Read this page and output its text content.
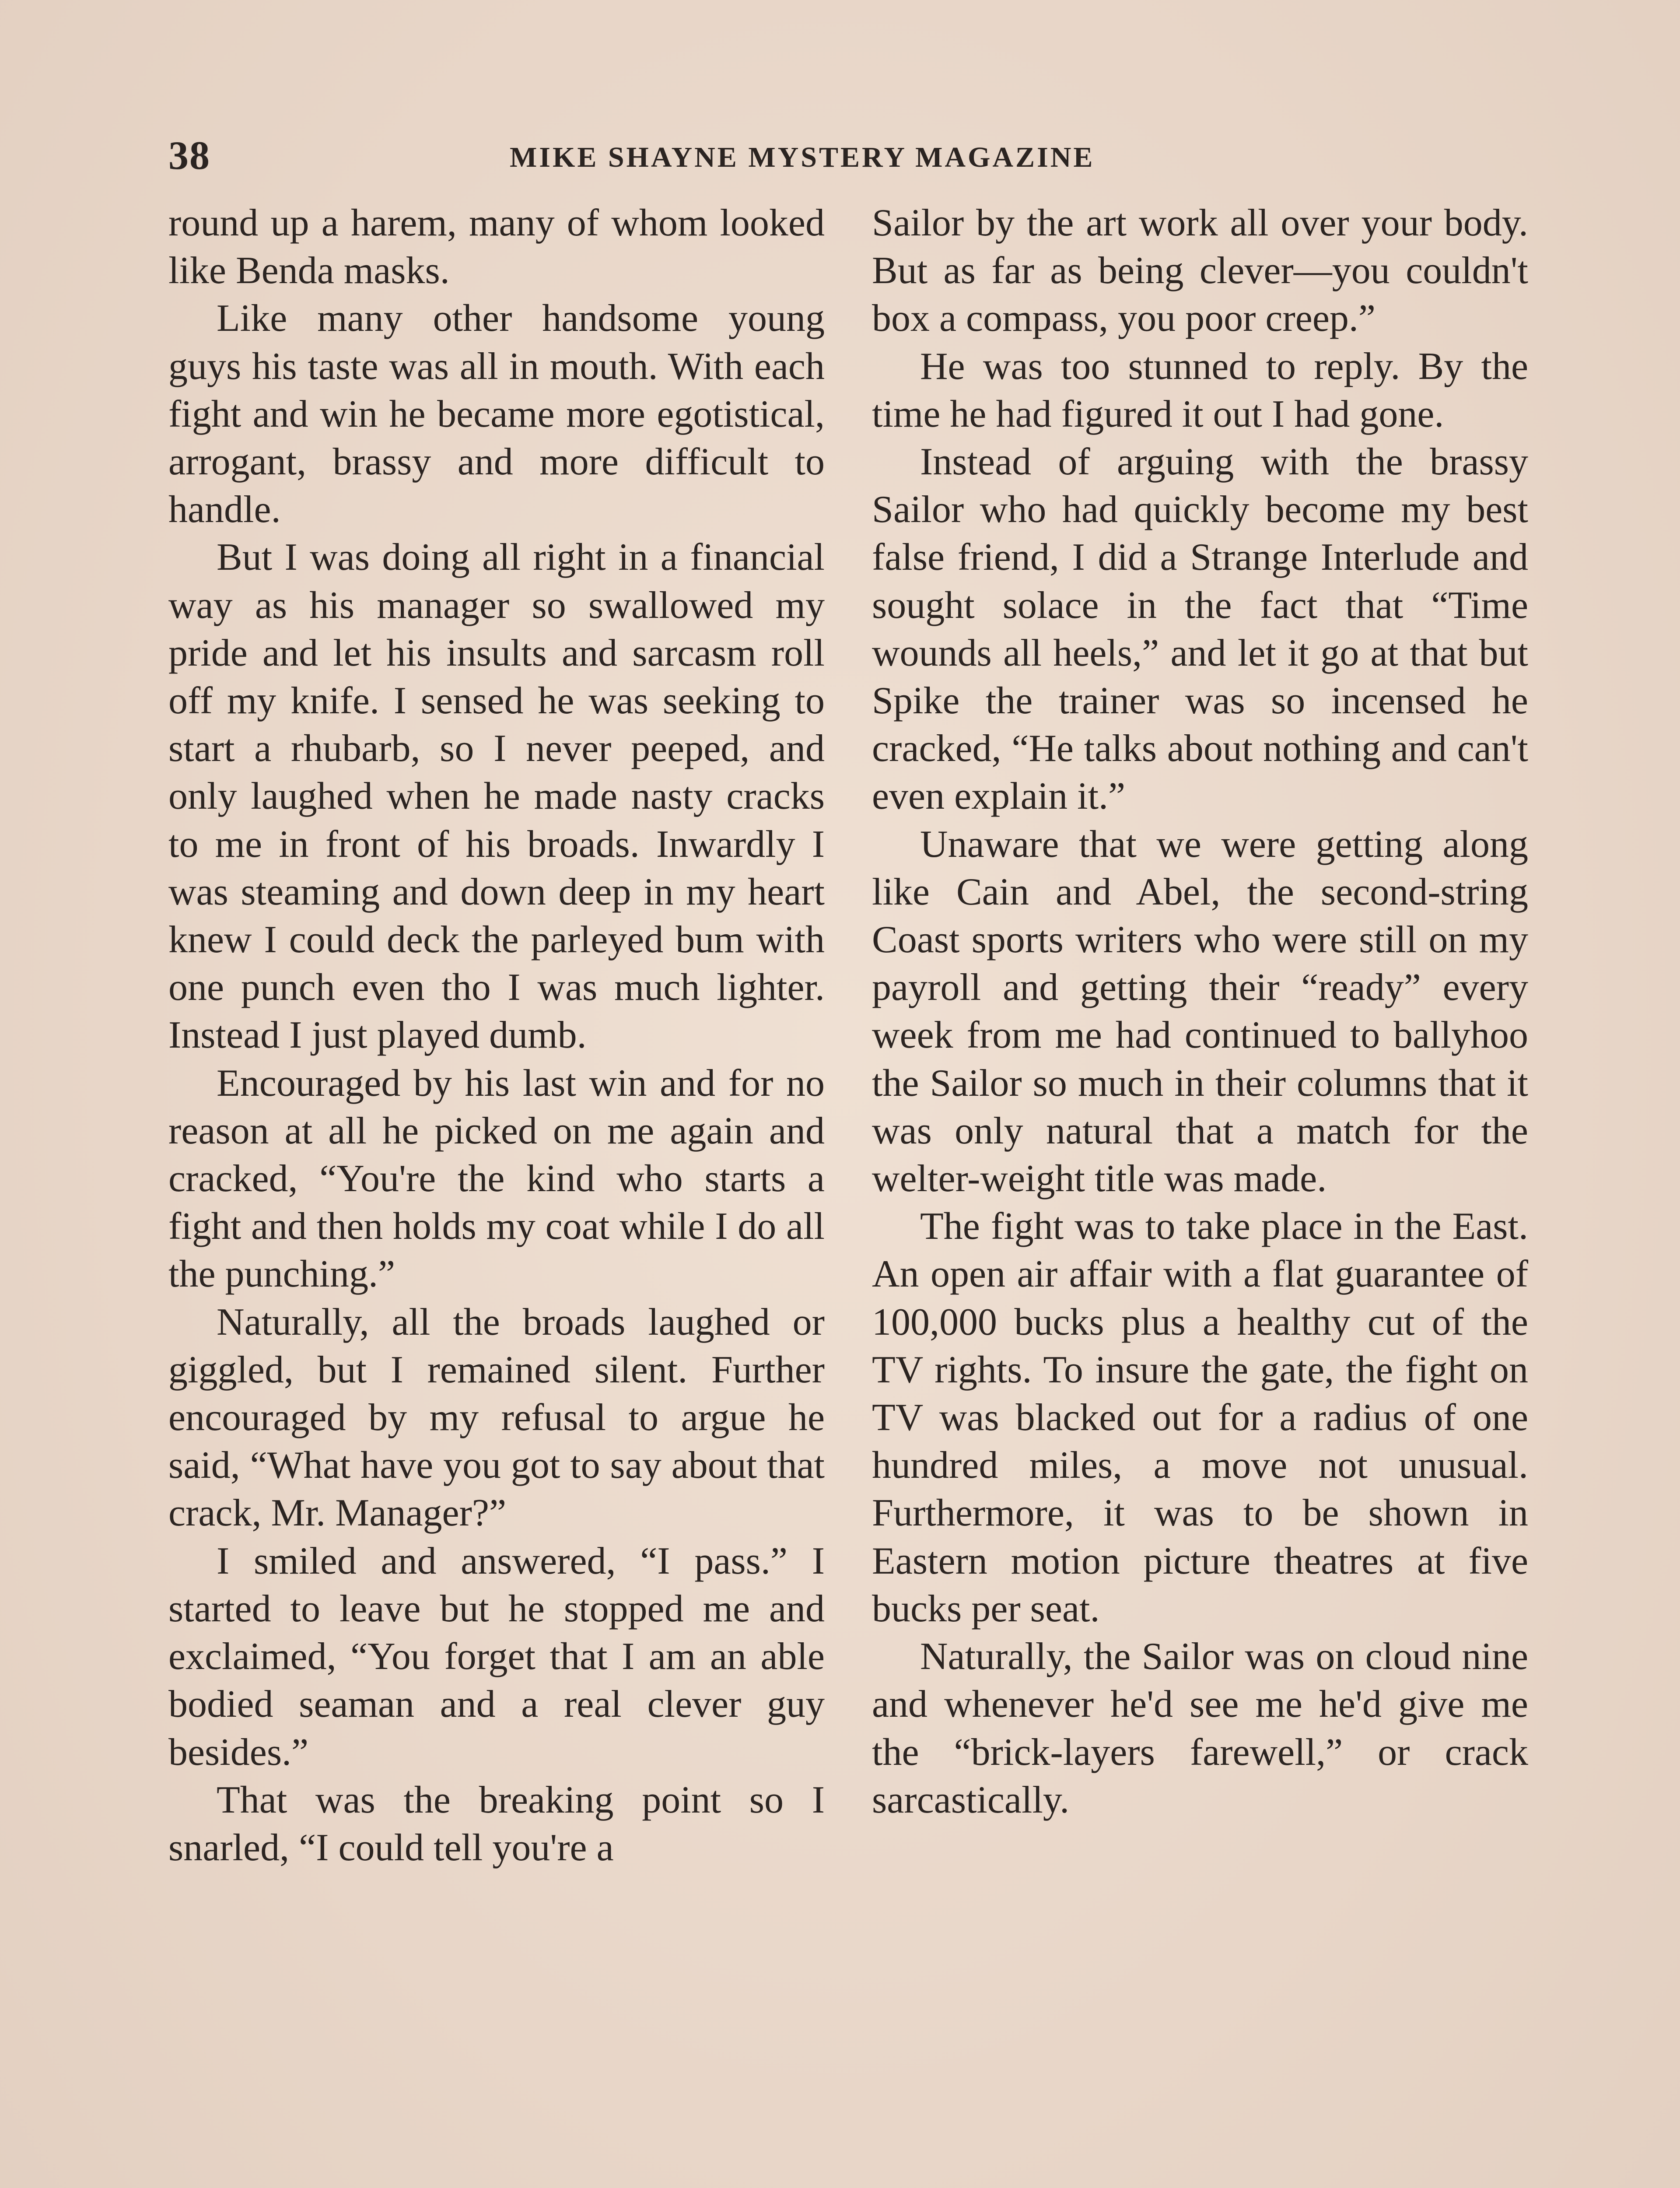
38	MIKE SHAYNE MYSTERY MAGAZINE

round up a harem, many of whom looked like Benda masks.

Like many other handsome young guys his taste was all in mouth. With each fight and win he became more egotistical, arrogant, brassy and more difficult to handle.

But I was doing all right in a financial way as his manager so swallowed my pride and let his insults and sarcasm roll off my knife. I sensed he was seeking to start a rhubarb, so I never peeped, and only laughed when he made nasty cracks to me in front of his broads. Inwardly I was steaming and down deep in my heart knew I could deck the parleyed bum with one punch even tho I was much lighter. Instead I just played dumb.

Encouraged by his last win and for no reason at all he picked on me again and cracked, “You're the kind who starts a fight and then holds my coat while I do all the punching.”

Naturally, all the broads laughed or giggled, but I remained silent. Further encouraged by my refusal to argue he said, “What have you got to say about that crack, Mr. Manager?”

I smiled and answered, “I pass.” I started to leave but he stopped me and exclaimed, “You forget that I am an able bodied seaman and a real clever guy besides.”

That was the breaking point so I snarled, “I could tell you're a

Sailor by the art work all over your body. But as far as being clever—you couldn't box a compass, you poor creep.”

He was too stunned to reply. By the time he had figured it out I had gone.

Instead of arguing with the brassy Sailor who had quickly become my best false friend, I did a Strange Interlude and sought solace in the fact that “Time wounds all heels,” and let it go at that but Spike the trainer was so incensed he cracked, “He talks about nothing and can't even explain it.”

Unaware that we were getting along like Cain and Abel, the second-string Coast sports writers who were still on my payroll and getting their “ready” every week from me had continued to ballyhoo the Sailor so much in their columns that it was only natural that a match for the welter-weight title was made.

The fight was to take place in the East. An open air affair with a flat guarantee of 100,000 bucks plus a healthy cut of the TV rights. To insure the gate, the fight on TV was blacked out for a radius of one hundred miles, a move not unusual. Furthermore, it was to be shown in Eastern motion picture theatres at five bucks per seat.

Naturally, the Sailor was on cloud nine and whenever he'd see me he'd give me the “brick-layers farewell,” or crack sarcastically.
